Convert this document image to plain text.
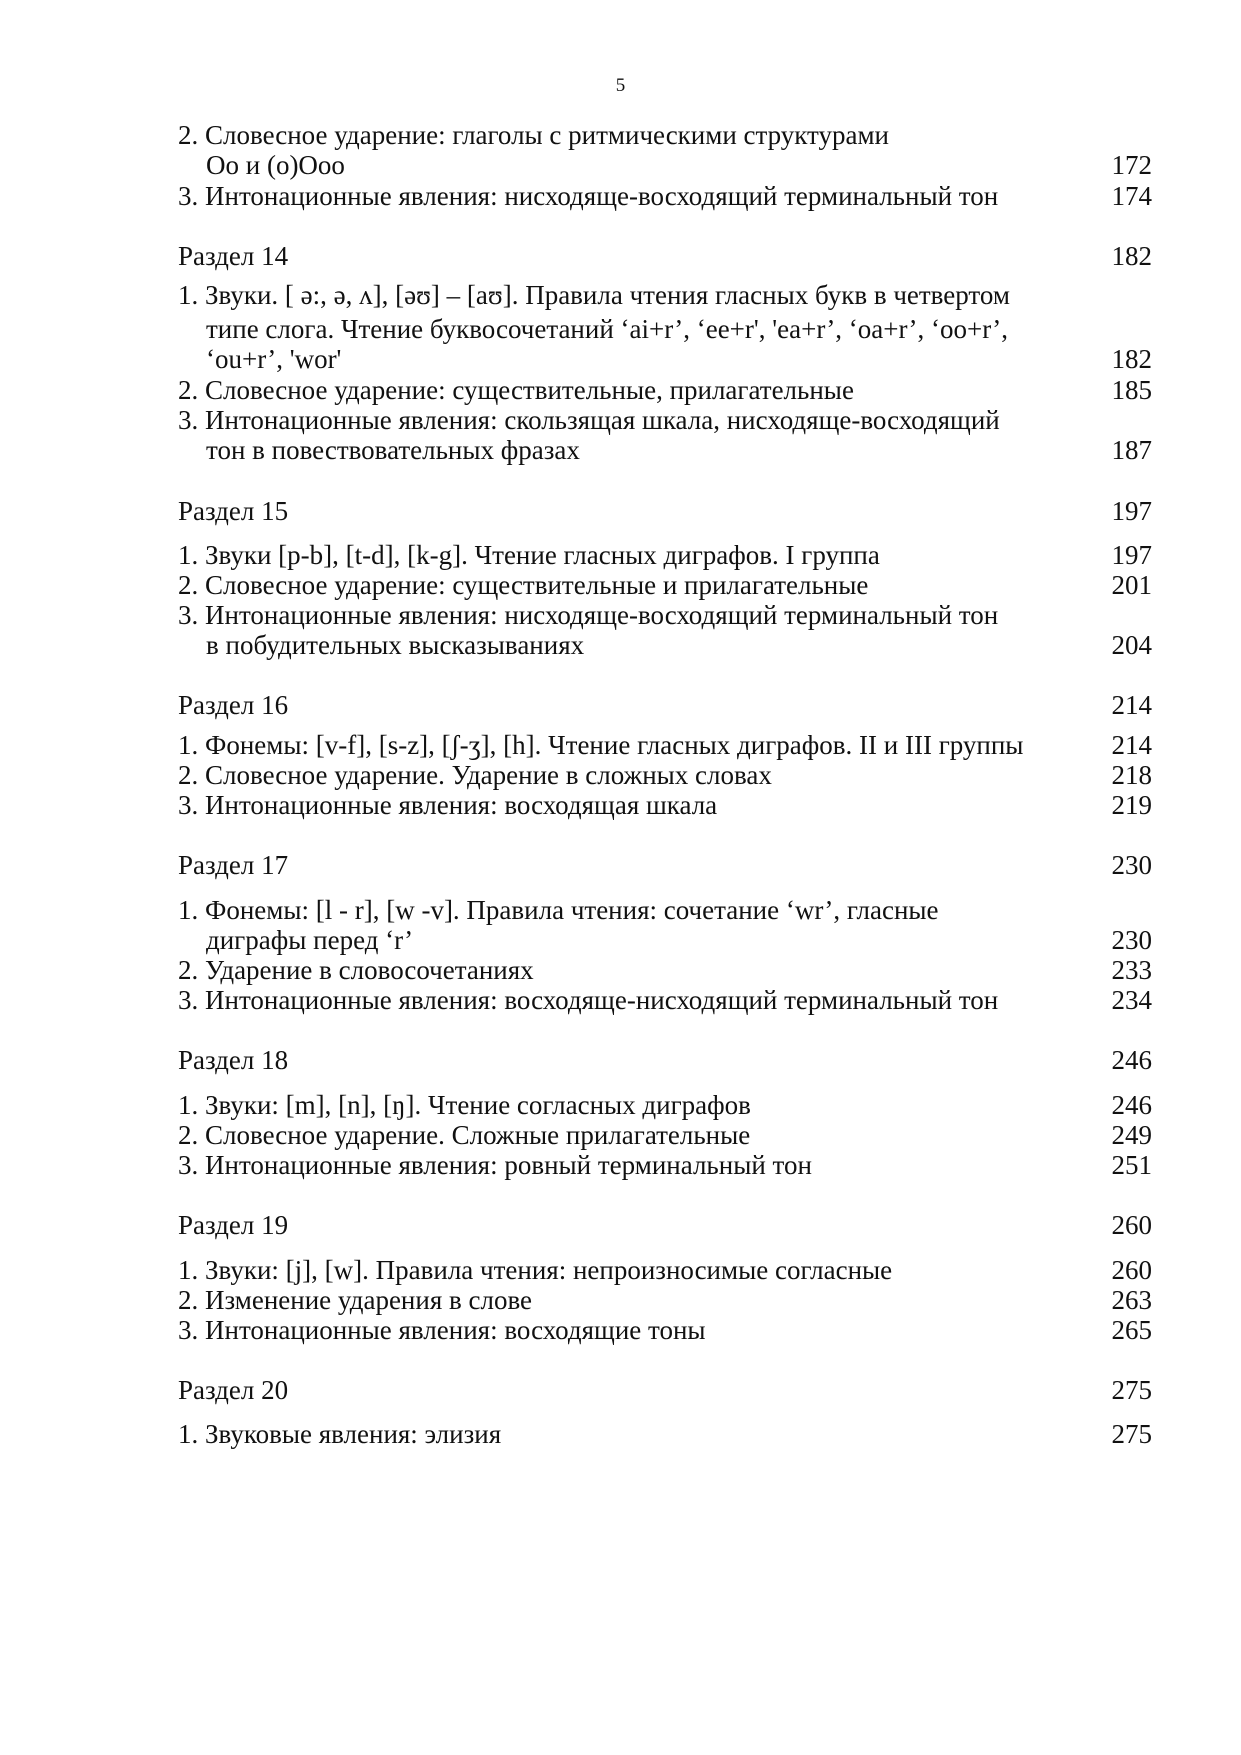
5
2. Словесное ударение: глаголы с ритмическими структурами
Оо и (о)Ооо	172
3. Интонационные явления: нисходяще-восходящий терминальный тон	174
Раздел 14	182
1. Звуки. [ ə:, ə, ʌ], [əʊ] – [aʊ]. Правила чтения гласных букв в четвертом
типе слога. Чтение буквосочетаний ‘ai+r’, ‘ee+r', 'ea+r’, ‘oa+r’, ‘oo+r’,
‘ou+r’, 'wor'	182
2. Словесное ударение: существительные, прилагательные	185
3. Интонационные явления: скользящая шкала, нисходяще-восходящий
тон в повествовательных фразах	187
Раздел 15	197
1. Звуки [p-b], [t-d], [k-g]. Чтение гласных диграфов. I группа	197
2. Словесное ударение: существительные и прилагательные	201
3. Интонационные явления: нисходяще-восходящий терминальный тон
в побудительных высказываниях	204
Раздел 16	214
1. Фонемы: [v-f], [s-z], [ʃ-ʒ], [h]. Чтение гласных диграфов. II и III группы	214
2. Словесное ударение. Ударение в сложных словах	218
3. Интонационные явления: восходящая шкала	219
Раздел 17	230
1. Фонемы: [l - r], [w -v]. Правила чтения: сочетание ‘wr’, гласные
диграфы перед ‘r’	230
2. Ударение в словосочетаниях	233
3. Интонационные явления: восходяще-нисходящий терминальный тон	234
Раздел 18	246
1. Звуки: [m], [n], [ŋ]. Чтение согласных диграфов	246
2. Словесное ударение. Сложные прилагательные	249
3. Интонационные явления: ровный терминальный тон	251
Раздел 19	260
1. Звуки: [j], [w]. Правила чтения: непроизносимые согласные	260
2. Изменение ударения в слове	263
3. Интонационные явления: восходящие тоны	265
Раздел 20	275
1. Звуковые явления: элизия	275
